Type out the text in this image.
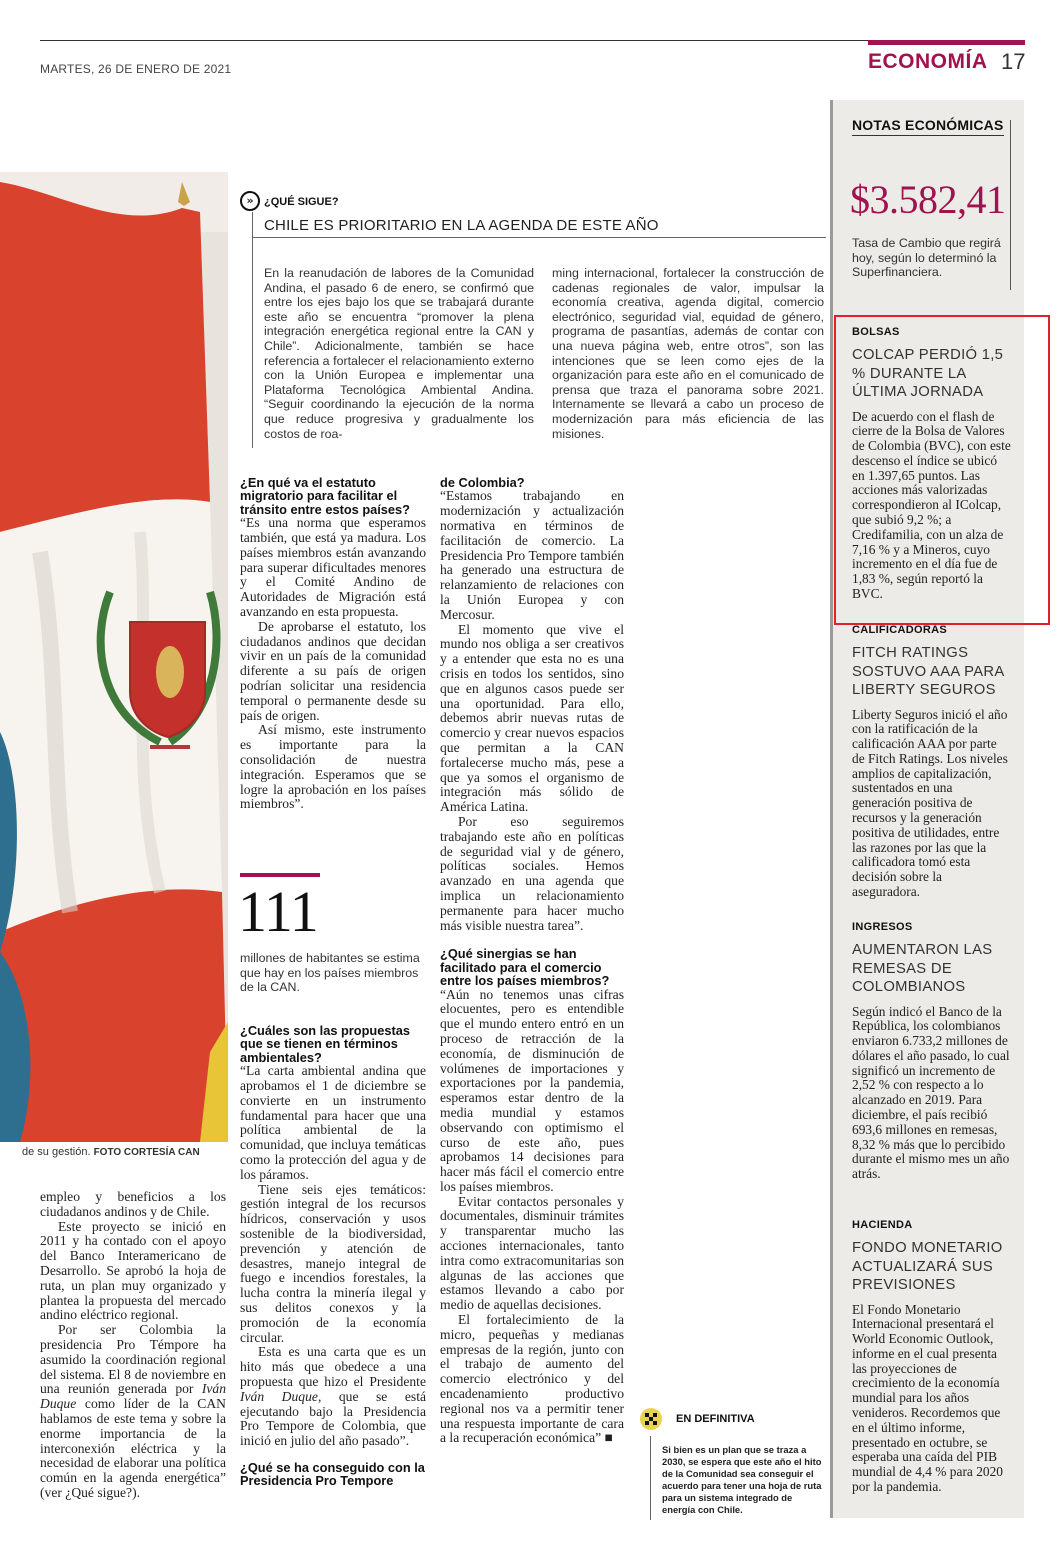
MARTES, 26 DE ENERO DE 2021	ECONOMÍA 17
de su gestión. FOTO CORTESÍA CAN
» ¿QUÉ SIGUE?
CHILE ES PRIORITARIO EN LA AGENDA DE ESTE AÑO
En la reanudación de labores de la Comunidad Andina, el pasado 6 de enero, se confirmó que entre los ejes bajo los que se trabajará durante este año se encuentra “promover la plena integración energética regional entre la CAN y Chile”. Adicionalmente, también se hace referencia a fortalecer el relacionamiento externo con la Unión Europea e implementar una Plataforma Tecnológica Ambiental Andina. “Seguir coordinando la ejecución de la norma que reduce progresiva y gradualmente los costos de roa-
ming internacional, fortalecer la construcción de cadenas regionales de valor, impulsar la economía creativa, agenda digital, comercio electrónico, seguridad vial, equidad de género, programa de pasantías, además de contar con una nueva página web, entre otros”, son las intenciones que se leen como ejes de la organización para este año en el comunicado de prensa que traza el panorama sobre 2021. Internamente se llevará a cabo un proceso de modernización para más eficiencia de las misiones.

empleo y beneficios a los ciudadanos andinos y de Chile.

Este proyecto se inició en 2011 y ha contado con el apoyo del Banco Interamericano de Desarrollo. Se aprobó la hoja de ruta, un plan muy organizado y plantea la propuesta del mercado andino eléctrico regional.

Por ser Colombia la presidencia Pro Témpore ha asumido la coordinación regional del sistema. El 8 de noviembre en una reunión generada por Iván Duque como líder de la CAN hablamos de este tema y sobre la enorme importancia de la interconexión eléctrica y la necesidad de elaborar una política común en la agenda energética” (ver ¿Qué sigue?).

¿En qué va el estatuto migratorio para facilitar el tránsito entre estos países?

“Es una norma que esperamos también, que está ya madura. Los países miembros están avanzando para superar dificultades menores y el Comité Andino de Autoridades de Migración está avanzando en esta propuesta.

De aprobarse el estatuto, los ciudadanos andinos que decidan vivir en un país de la comunidad diferente a su país de origen podrían solicitar una residencia temporal o permanente desde su país de origen.

Así mismo, este instrumento es importante para la consolidación de nuestra integración. Esperamos que se logre la aprobación en los países miembros”.

111
millones de habitantes se estima que hay en los países miembros de la CAN.

¿Cuáles son las propuestas que se tienen en términos ambientales?

“La carta ambiental andina que aprobamos el 1 de diciembre se convierte en un instrumento fundamental para hacer que una política ambiental de la comunidad, que incluya temáticas como la protección del agua y de los páramos.

Tiene seis ejes temáticos: gestión integral de los recursos hídricos, conservación y usos sostenible de la biodiversidad, prevención y atención de desastres, manejo integral de fuego e incendios forestales, la lucha contra la minería ilegal y sus delitos conexos y la promoción de la economía circular.

Esta es una carta que es un hito más que obedece a una propuesta que hizo el Presidente Iván Duque, que se está ejecutando bajo la Presidencia Pro Tempore de Colombia, que inició en julio del año pasado”.

¿Qué se ha conseguido con la Presidencia Pro Tempore

de Colombia?

“Estamos trabajando en modernización y actualización normativa en términos de facilitación de comercio. La Presidencia Pro Tempore también ha generado una estructura de relanzamiento de relaciones con la Unión Europea y con Mercosur.

El momento que vive el mundo nos obliga a ser creativos y a entender que esta no es una crisis en todos los sentidos, sino que en algunos casos puede ser una oportunidad. Para ello, debemos abrir nuevas rutas de comercio y crear nuevos espacios que permitan a la CAN fortalecerse mucho más, pese a que ya somos el organismo de integración más sólido de América Latina.

Por eso seguiremos trabajando este año en políticas de seguridad vial y de género, políticas sociales. Hemos avanzado en una agenda que implica un relacionamiento permanente para hacer mucho más visible nuestra tarea”.

¿Qué sinergias se han facilitado para el comercio entre los países miembros?

“Aún no tenemos unas cifras elocuentes, pero es entendible que el mundo entero entró en un proceso de retracción de la economía, de disminución de volúmenes de importaciones y exportaciones por la pandemia, esperamos estar dentro de la media mundial y estamos observando con optimismo el curso de este año, pues aprobamos 14 decisiones para hacer más fácil el comercio entre los países miembros.

Evitar contactos personales y documentales, disminuir trámites y transparentar mucho las acciones internacionales, tanto intra como extracomunitarias son algunas de las acciones que estamos llevando a cabo por medio de aquellas decisiones.

El fortalecimiento de la micro, pequeñas y medianas empresas de la región, junto con el trabajo de aumento del comercio electrónico y del encadenamiento productivo regional nos va a permitir tener una respuesta importante de cara a la recuperación económica” ■

EN DEFINITIVA
Si bien es un plan que se traza a 2030, se espera que este año el hito de la Comunidad sea conseguir el acuerdo para tener una hoja de ruta para un sistema integrado de energía con Chile.
NOTAS ECONÓMICAS
$3.582,41
Tasa de Cambio que regirá hoy, según lo determinó la Superfinanciera.
BOLSAS
COLCAP PERDIÓ 1,5 % DURANTE LA ÚLTIMA JORNADA
De acuerdo con el flash de cierre de la Bolsa de Valores de Colombia (BVC), con este descenso el índice se ubicó en 1.397,65 puntos. Las acciones más valorizadas correspondieron al IColcap, que subió 9,2 %; a Credifamilia, con un alza de 7,16 % y a Mineros, cuyo incremento en el día fue de 1,83 %, según reportó la BVC.
CALIFICADORAS
FITCH RATINGS SOSTUVO AAA PARA LIBERTY SEGUROS
Liberty Seguros inició el año con la ratificación de la calificación AAA por parte de Fitch Ratings. Los niveles amplios de capitalización, sustentados en una generación positiva de recursos y la generación positiva de utilidades, entre las razones por las que la calificadora tomó esta decisión sobre la aseguradora.
INGRESOS
AUMENTARON LAS REMESAS DE COLOMBIANOS
Según indicó el Banco de la República, los colombianos enviaron 6.733,2 millones de dólares el año pasado, lo cual significó un incremento de 2,52 % con respecto a lo alcanzado en 2019. Para diciembre, el país recibió 693,6 millones en remesas, 8,32 % más que lo percibido durante el mismo mes un año atrás.
HACIENDA
FONDO MONETARIO ACTUALIZARÁ SUS PREVISIONES
El Fondo Monetario Internacional presentará el World Economic Outlook, informe en el cual presenta las proyecciones de crecimiento de la economía mundial para los años venideros. Recordemos que en el último informe, presentado en octubre, se esperaba una caída del PIB mundial de 4,4 % para 2020 por la pandemia.
